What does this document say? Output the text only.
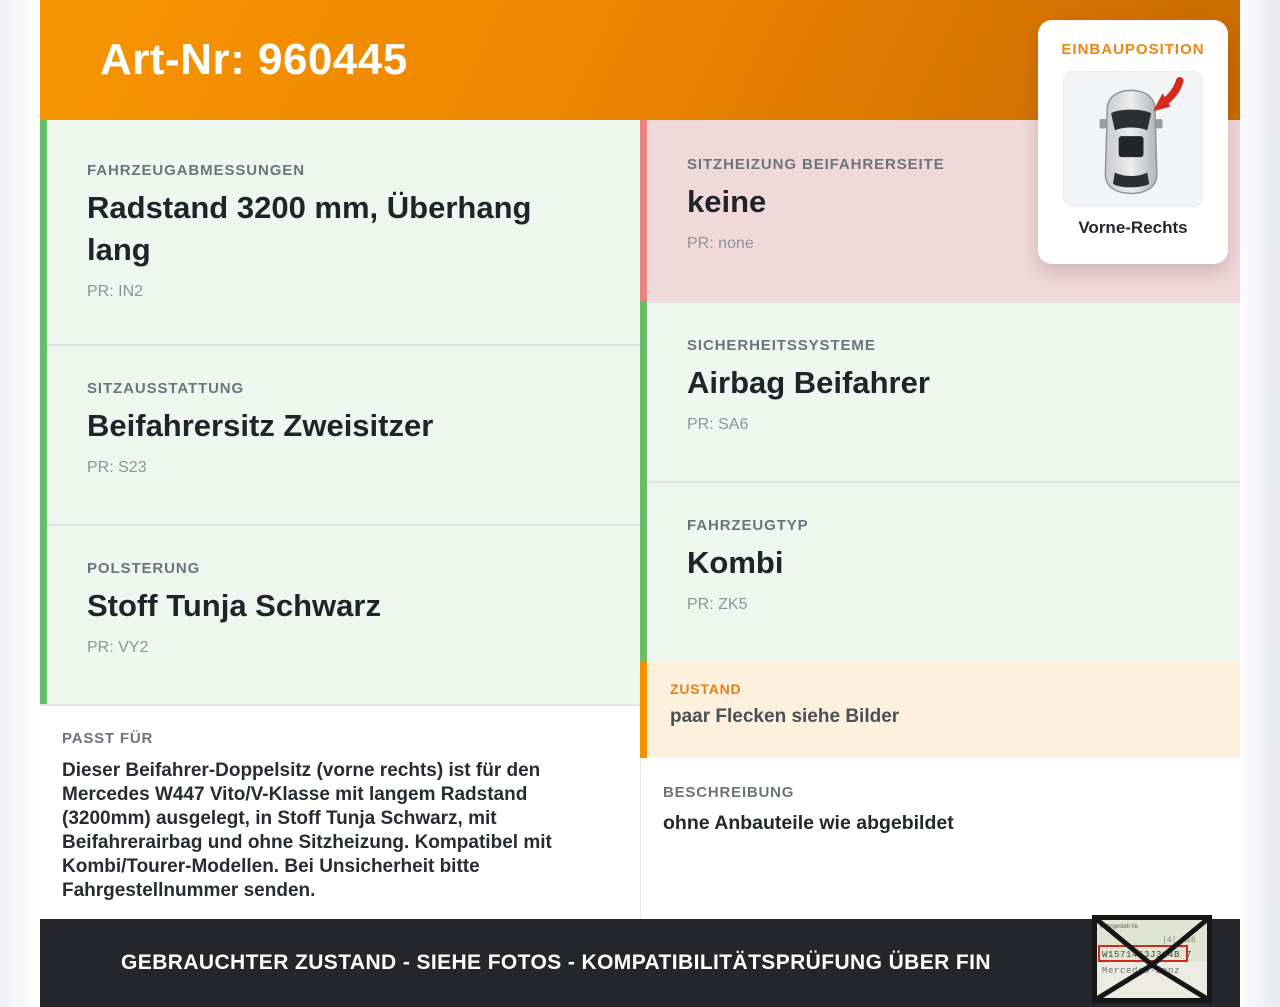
Art-Nr: 960445
FAHRZEUGABMESSUNGEN
Radstand 3200 mm, Überhang lang
PR: IN2
SITZAUSSTATTUNG
Beifahrersitz Zweisitzer
PR: S23
POLSTERUNG
Stoff Tunja Schwarz
PR: VY2
PASST FÜR
Dieser Beifahrer-Doppelsitz (vorne rechts) ist für den Mercedes W447 Vito/V-Klasse mit langem Radstand (3200mm) ausgelegt, in Stoff Tunja Schwarz, mit Beifahrerairbag und ohne Sitzheizung. Kompatibel mit Kombi/Tourer-Modellen. Bei Unsicherheit bitte Fahrgestellnummer senden.
SITZHEIZUNG BEIFAHRERSEITE
keine
PR: none
SICHERHEITSSYSTEME
Airbag Beifahrer
PR: SA6
FAHRZEUGTYP
Kombi
PR: ZK5
ZUSTAND
paar Flecken siehe Bilder
BESCHREIBUNG
ohne Anbauteile wie abgebildet
GEBRAUCHTER ZUSTAND - SIEHE FOTOS - KOMPATIBILITÄTSPRÜFUNG ÜBER FIN
Fahrgestell-Nr.
|4| A16
W1571463J314B 7
Mercedes-Benz
EINBAUPOSITION
Vorne-Rechts
